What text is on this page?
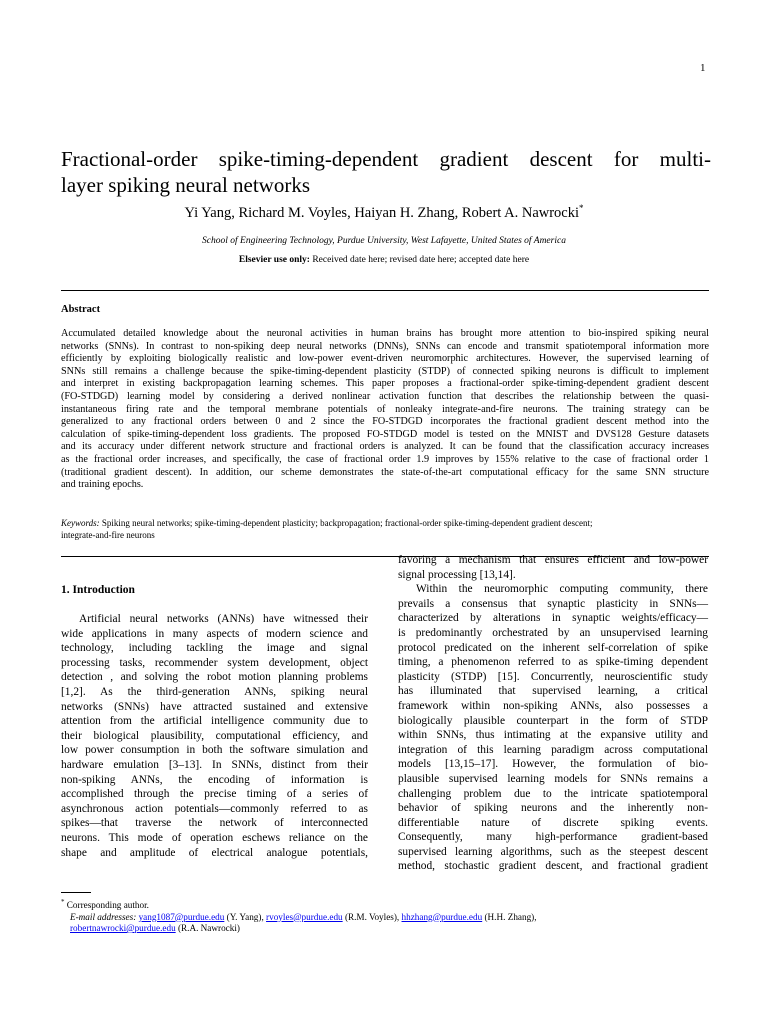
1
Fractional-order spike-timing-dependent gradient descent for multi-
layer spiking neural networks
Yi Yang, Richard M. Voyles, Haiyan H. Zhang, Robert A. Nawrocki*
School of Engineering Technology, Purdue University, West Lafayette, United States of America
Elsevier use only: Received date here; revised date here; accepted date here
Abstract
Accumulated detailed knowledge about the neuronal activities in human brains has brought more attention to bio-inspired spiking neural
networks (SNNs). In contrast to non-spiking deep neural networks (DNNs), SNNs can encode and transmit spatiotemporal information more
efficiently by exploiting biologically realistic and low-power event-driven neuromorphic architectures. However, the supervised learning of
SNNs still remains a challenge because the spike-timing-dependent plasticity (STDP) of connected spiking neurons is difficult to implement
and interpret in existing backpropagation learning schemes. This paper proposes a fractional-order spike-timing-dependent gradient descent
(FO-STDGD) learning model by considering a derived nonlinear activation function that describes the relationship between the quasi-
instantaneous firing rate and the temporal membrane potentials of nonleaky integrate-and-fire neurons. The training strategy can be
generalized to any fractional orders between 0 and 2 since the FO-STDGD incorporates the fractional gradient descent method into the
calculation of spike-timing-dependent loss gradients. The proposed FO-STDGD model is tested on the MNIST and DVS128 Gesture datasets
and its accuracy under different network structure and fractional orders is analyzed. It can be found that the classification accuracy increases
as the fractional order increases, and specifically, the case of fractional order 1.9 improves by 155% relative to the case of fractional order 1
(traditional gradient descent). In addition, our scheme demonstrates the state-of-the-art computational efficacy for the same SNN structure
and training epochs.
Keywords: Spiking neural networks; spike-timing-dependent plasticity; backpropagation; fractional-order spike-timing-dependent gradient descent;
integrate-and-fire neurons
1. Introduction
Artificial neural networks (ANNs) have witnessed their
wide applications in many aspects of modern science and
technology, including tackling the image and signal
processing tasks, recommender system development, object
detection , and solving the robot motion planning problems
[1,2]. As the third-generation ANNs, spiking neural
networks (SNNs) have attracted sustained and extensive
attention from the artificial intelligence community due to
their biological plausibility, computational efficiency, and
low power consumption in both the software simulation and
hardware emulation [3–13]. In SNNs, distinct from their
non-spiking ANNs, the encoding of information is
accomplished through the precise timing of a series of
asynchronous action potentials—commonly referred to as
spikes—that traverse the network of interconnected
neurons. This mode of operation eschews reliance on the
shape and amplitude of electrical analogue potentials,
favoring a mechanism that ensures efficient and low-power
signal processing [13,14].
Within the neuromorphic computing community, there
prevails a consensus that synaptic plasticity in SNNs—
characterized by alterations in synaptic weights/efficacy—
is predominantly orchestrated by an unsupervised learning
protocol predicated on the inherent self-correlation of spike
timing, a phenomenon referred to as spike-timing dependent
plasticity (STDP) [15]. Concurrently, neuroscientific study
has illuminated that supervised learning, a critical
framework within non-spiking ANNs, also possesses a
biologically plausible counterpart in the form of STDP
within SNNs, thus intimating at the expansive utility and
integration of this learning paradigm across computational
models [13,15–17]. However, the formulation of bio-
plausible supervised learning models for SNNs remains a
challenging problem due to the intricate spatiotemporal
behavior of spiking neurons and the inherently non-
differentiable nature of discrete spiking events.
Consequently, many high-performance gradient-based
supervised learning algorithms, such as the steepest descent
method, stochastic gradient descent, and fractional gradient
* Corresponding author.
E-mail addresses: yang1087@purdue.edu (Y. Yang), rvoyles@purdue.edu (R.M. Voyles), hhzhang@purdue.edu (H.H. Zhang),
robertnawrocki@purdue.edu (R.A. Nawrocki)
